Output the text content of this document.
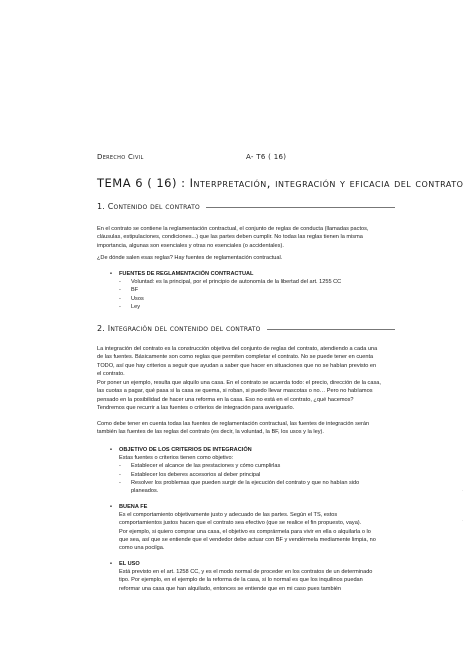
Derecho Civil	A- T6 ( 16)
TEMA 6 ( 16) : Interpretación, integración y eficacia del contrato
1. Contenido del contrato
En el contrato se contiene la reglamentación contractual, el conjunto de reglas de conducta (llamadas pactos, cláusulas, estipulaciones, condiciones...) que las partes deben cumplir. No todas las reglas tienen la misma importancia, algunas son esenciales y otras no esenciales (o accidentales).
¿De dónde salen esas reglas? Hay fuentes de reglamentación contractual.
• FUENTES DE REGLAMENTACIÓN CONTRACTUAL
- Voluntad: es la principal, por el principio de autonomía de la libertad del art. 1255 CC
- BF
- Usos
- Ley
2. Integración del contenido del contrato
La integración del contrato es la construcción objetiva del conjunto de reglas del contrato, atendiendo a cada una de las fuentes. Básicamente son como reglas que permiten completar el contrato. No se puede tener en cuenta TODO, así que hay criterios a seguir que ayudan a saber que hacer en situaciones que no se habían previsto en el contrato.
Por poner un ejemplo, resulta que alquilo una casa. En el contrato se acuerda todo: el precio, dirección de la casa, las cuotas a pagar, qué pasa si la casa se quema, si roban, si puedo llevar mascotas o no… Pero no habíamos pensado en la posibilidad de hacer una reforma en la casa. Eso no está en el contrato, ¿qué hacemos? Tendremos que recurrir a las fuentes o criterios de integración para averiguarlo.
Como debe tener en cuenta todas las fuentes de reglamentación contractual, las fuentes de integración serán también las fuentes de las reglas del contrato (es decir, la voluntad, la BF, los usos y la ley).
• OBJETIVO DE LOS CRITERIOS DE INTEGRACIÓN
Estas fuentes o criterios tienen como objetivo:
- Establecer el alcance de las prestaciones y cómo cumplirlas
- Establecer los deberes accesorios al deber principal
- Resolver los problemas que pueden surgir de la ejecución del contrato y que no habían sido planeados.
• BUENA FE
Es el comportamiento objetivamente justo y adecuado de las partes. Según el TS, estos comportamientos justos hacen que el contrato sea efectivo (que se realice el fin propuesto, vaya).
Por ejemplo, si quiero comprar una casa, el objetivo es comprármela para vivir en ella o alquilarla o lo que sea, así que se entiende que el vendedor debe actuar con BF y vendérmela mediamente limpia, no como una pocilga.
• EL USO
Está previsto en el art. 1258 CC, y es el modo normal de proceder en los contratos de un determinado tipo. Por ejemplo, en el ejemplo de la reforma de la casa, si lo normal es que los inquilinos puedan reformar una casa que han alquilado, entonces se entiende que en mi caso pues también
·
·
